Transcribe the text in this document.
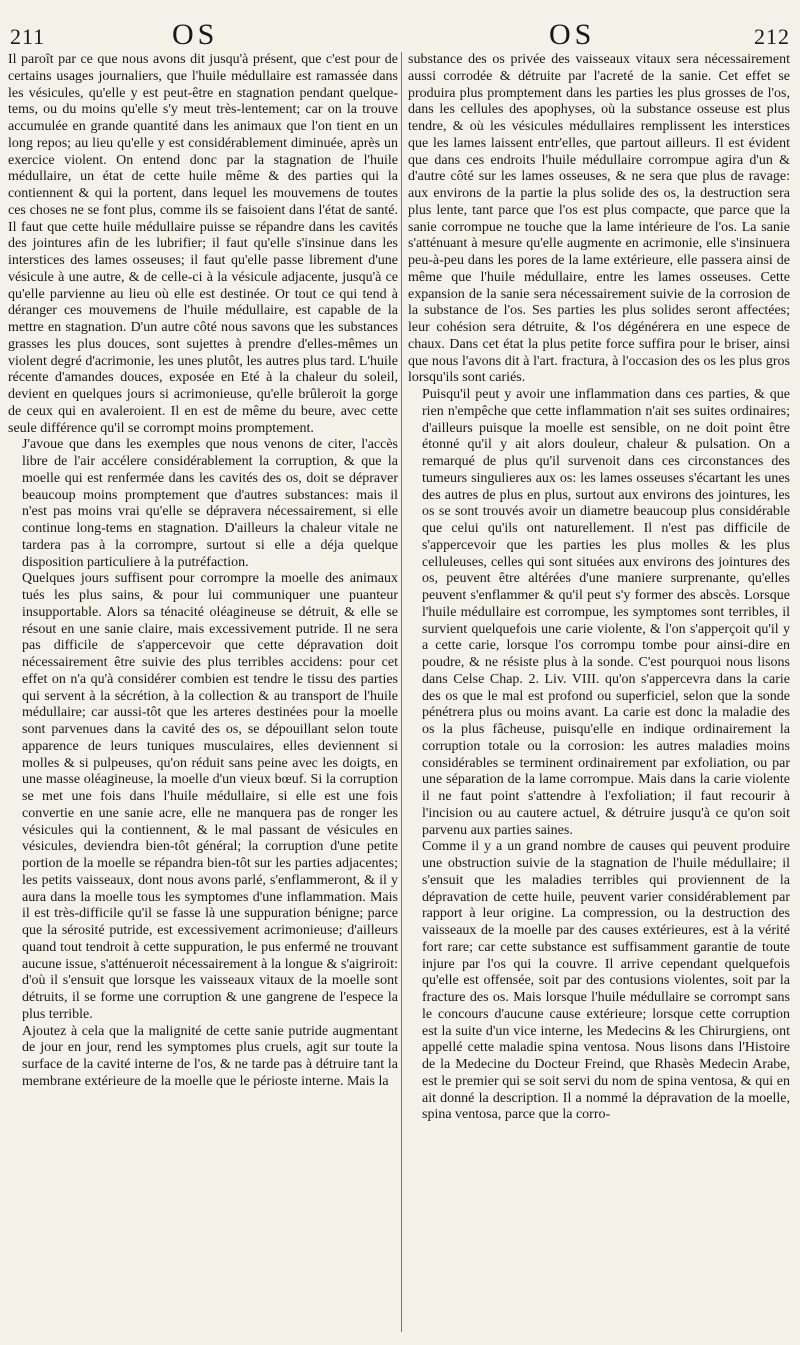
211	OS	OS	212

Il paroît par ce que nous avons dit jusqu'à présent, que c'est pour de certains usages journaliers, que l'huile médullaire est ramassée dans les vésicules, qu'elle y est peut-être en stagnation pendant quelque-tems, ou du moins qu'elle s'y meut très-lentement; car on la trouve accumulée en grande quantité dans les animaux que l'on tient en un long repos; au lieu qu'elle y est considérablement diminuée, après un exercice violent. On entend donc par la stagnation de l'huile médullaire, un état de cette huile même & des parties qui la contiennent & qui la portent, dans lequel les mouvemens de toutes ces choses ne se font plus, comme ils se faisoient dans l'état de santé. Il faut que cette huile médullaire puisse se répandre dans les cavités des jointures afin de les lubrifier; il faut qu'elle s'insinue dans les interstices des lames osseuses; il faut qu'elle passe librement d'une vésicule à une autre, & de celle-ci à la vésicule adjacente, jusqu'à ce qu'elle parvienne au lieu où elle est destinée. Or tout ce qui tend à déranger ces mouvemens de l'huile médullaire, est capable de la mettre en stagnation. D'un autre côté nous savons que les substances grasses les plus douces, sont sujettes à prendre d'elles-mêmes un violent degré d'acrimonie, les unes plutôt, les autres plus tard. L'huile récente d'amandes douces, exposée en Eté à la chaleur du soleil, devient en quelques jours si acrimonieuse, qu'elle brûleroit la gorge de ceux qui en avaleroient. Il en est de même du beure, avec cette seule différence qu'il se corrompt moins promptement.

J'avoue que dans les exemples que nous venons de citer, l'accès libre de l'air accélere considérablement la corruption, & que la moelle qui est renfermée dans les cavités des os, doit se dépraver beaucoup moins promptement que d'autres substances: mais il n'est pas moins vrai qu'elle se dépravera nécessairement, si elle continue long-tems en stagnation. D'ailleurs la chaleur vitale ne tardera pas à la corrompre, surtout si elle a déja quelque disposition particuliere à la putréfaction.

Quelques jours suffisent pour corrompre la moelle des animaux tués les plus sains, & pour lui communiquer une puanteur insupportable. Alors sa ténacité oléagineuse se détruit, & elle se résout en une sanie claire, mais excessivement putride. Il ne sera pas difficile de s'appercevoir que cette dépravation doit nécessairement être suivie des plus terribles accidens: pour cet effet on n'a qu'à considérer combien est tendre le tissu des parties qui servent à la sécrétion, à la collection & au transport de l'huile médullaire; car aussi-tôt que les arteres destinées pour la moelle sont parvenues dans la cavité des os, se dépouillant selon toute apparence de leurs tuniques musculaires, elles deviennent si molles & si pulpeuses, qu'on réduit sans peine avec les doigts, en une masse oléagineuse, la moelle d'un vieux bœuf. Si la corruption se met une fois dans l'huile médullaire, si elle est une fois convertie en une sanie acre, elle ne manquera pas de ronger les vésicules qui la contiennent, & le mal passant de vésicules en vésicules, deviendra bien-tôt général; la corruption d'une petite portion de la moelle se répandra bien-tôt sur les parties adjacentes; les petits vaisseaux, dont nous avons parlé, s'enflammeront, & il y aura dans la moelle tous les symptomes d'une inflammation. Mais il est très-difficile qu'il se fasse là une suppuration bénigne; parce que la sérosité putride, est excessivement acrimonieuse; d'ailleurs quand tout tendroit à cette suppuration, le pus enfermé ne trouvant aucune issue, s'atténueroit nécessairement à la longue & s'aigriroit: d'où il s'ensuit que lorsque les vaisseaux vitaux de la moelle sont détruits, il se forme une corruption & une gangrene de l'espece la plus terrible.

Ajoutez à cela que la malignité de cette sanie putride augmentant de jour en jour, rend les symptomes plus cruels, agit sur toute la surface de la cavité interne de l'os, & ne tarde pas à détruire tant la membrane extérieure de la moelle que le périoste interne. Mais la

substance des os privée des vaisseaux vitaux sera nécessairement aussi corrodée & détruite par l'acreté de la sanie. Cet effet se produira plus promptement dans les parties les plus grosses de l'os, dans les cellules des apophyses, où la substance osseuse est plus tendre, & où les vésicules médullaires remplissent les interstices que les lames laissent entr'elles, que partout ailleurs. Il est évident que dans ces endroits l'huile médullaire corrompue agira d'un & d'autre côté sur les lames osseuses, & ne sera que plus de ravage: aux environs de la partie la plus solide des os, la destruction sera plus lente, tant parce que l'os est plus compacte, que parce que la sanie corrompue ne touche que la lame intérieure de l'os. La sanie s'atténuant à mesure qu'elle augmente en acrimonie, elle s'insinuera peu-à-peu dans les pores de la lame extérieure, elle passera ainsi de même que l'huile médullaire, entre les lames osseuses. Cette expansion de la sanie sera nécessairement suivie de la corrosion de la substance de l'os. Ses parties les plus solides seront affectées; leur cohésion sera détruite, & l'os dégénérera en une espece de chaux. Dans cet état la plus petite force suffira pour le briser, ainsi que nous l'avons dit à l'art. fractura, à l'occasion des os les plus gros lorsqu'ils sont cariés.

Puisqu'il peut y avoir une inflammation dans ces parties, & que rien n'empêche que cette inflammation n'ait ses suites ordinaires; d'ailleurs puisque la moelle est sensible, on ne doit point être étonné qu'il y ait alors douleur, chaleur & pulsation. On a remarqué de plus qu'il survenoit dans ces circonstances des tumeurs singulieres aux os: les lames osseuses s'écartant les unes des autres de plus en plus, surtout aux environs des jointures, les os se sont trouvés avoir un diametre beaucoup plus considérable que celui qu'ils ont naturellement. Il n'est pas difficile de s'appercevoir que les parties les plus molles & les plus celluleuses, celles qui sont situées aux environs des jointures des os, peuvent être altérées d'une maniere surprenante, qu'elles peuvent s'enflammer & qu'il peut s'y former des abscès. Lorsque l'huile médullaire est corrompue, les symptomes sont terribles, il survient quelquefois une carie violente, & l'on s'apperçoit qu'il y a cette carie, lorsque l'os corrompu tombe pour ainsi-dire en poudre, & ne résiste plus à la sonde. C'est pourquoi nous lisons dans Celse Chap. 2. Liv. VIII. qu'on s'appercevra dans la carie des os que le mal est profond ou superficiel, selon que la sonde pénétrera plus ou moins avant. La carie est donc la maladie des os la plus fâcheuse, puisqu'elle en indique ordinairement la corruption totale ou la corrosion: les autres maladies moins considérables se terminent ordinairement par exfoliation, ou par une séparation de la lame corrompue. Mais dans la carie violente il ne faut point s'attendre à l'exfoliation; il faut recourir à l'incision ou au cautere actuel, & détruire jusqu'à ce qu'on soit parvenu aux parties saines.

Comme il y a un grand nombre de causes qui peuvent produire une obstruction suivie de la stagnation de l'huile médullaire; il s'ensuit que les maladies terribles qui proviennent de la dépravation de cette huile, peuvent varier considérablement par rapport à leur origine. La compression, ou la destruction des vaisseaux de la moelle par des causes extérieures, est à la vérité fort rare; car cette substance est suffisamment garantie de toute injure par l'os qui la couvre. Il arrive cependant quelquefois qu'elle est offensée, soit par des contusions violentes, soit par la fracture des os. Mais lorsque l'huile médullaire se corrompt sans le concours d'aucune cause extérieure; lorsque cette corruption est la suite d'un vice interne, les Medecins & les Chirurgiens, ont appellé cette maladie spina ventosa. Nous lisons dans l'Histoire de la Medecine du Docteur Freind, que Rhasès Medecin Arabe, est le premier qui se soit servi du nom de spina ventosa, & qui en ait donné la description. Il a nommé la dépravation de la moelle, spina ventosa, parce que la corro-
